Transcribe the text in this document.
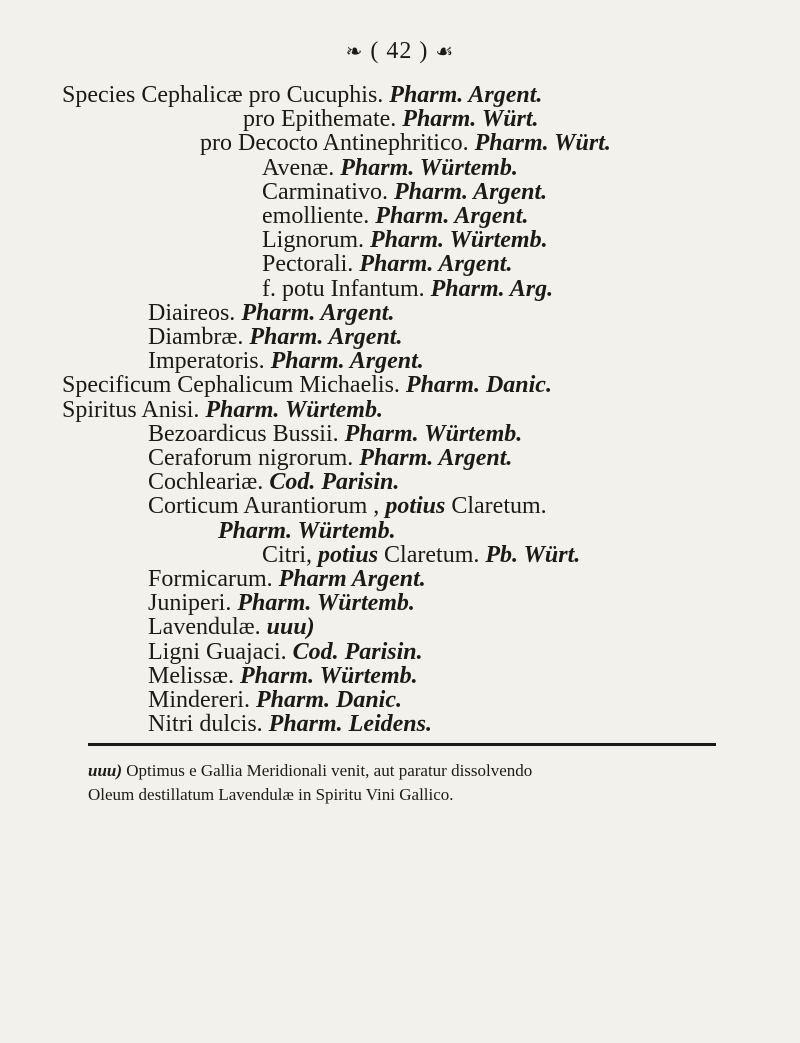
❧ ( 42 ) ☙
Species Cephalicæ pro Cucuphis. Pharm. Argent.
pro Epithemate. Pharm. Würt.
pro Decocto Antinephritico. Pharm. Würt.
Avenæ. Pharm. Würtemb.
Carminativo. Pharm. Argent.
emolliente. Pharm. Argent.
Lignorum. Pharm. Würtemb.
Pectorali. Pharm. Argent.
f. potu Infantum. Pharm. Arg.
Diaireos. Pharm. Argent.
Diambræ. Pharm. Argent.
Imperatoris. Pharm. Argent.
Specificum Cephalicum Michaelis. Pharm. Danic.
Spiritus Anisi. Pharm. Würtemb.
Bezoardicus Bussii. Pharm. Würtemb.
Ceraforum nigrorum. Pharm. Argent.
Cochleariæ. Cod. Parisin.
Corticum Aurantiorum , potius Claretum.
Pharm. Würtemb.
Citri, potius Claretum. Pb. Würt.
Formicarum. Pharm Argent.
Juniperi. Pharm. Würtemb.
Lavendulæ. uuu)
Ligni Guajaci. Cod. Parisin.
Melissæ. Pharm. Würtemb.
Mindereri. Pharm. Danic.
Nitri dulcis. Pharm. Leidens.
uuu) Optimus e Gallia Meridionali venit, aut paratur dissolvendo
Oleum destillatum Lavendulæ in Spiritu Vini Gallico.
